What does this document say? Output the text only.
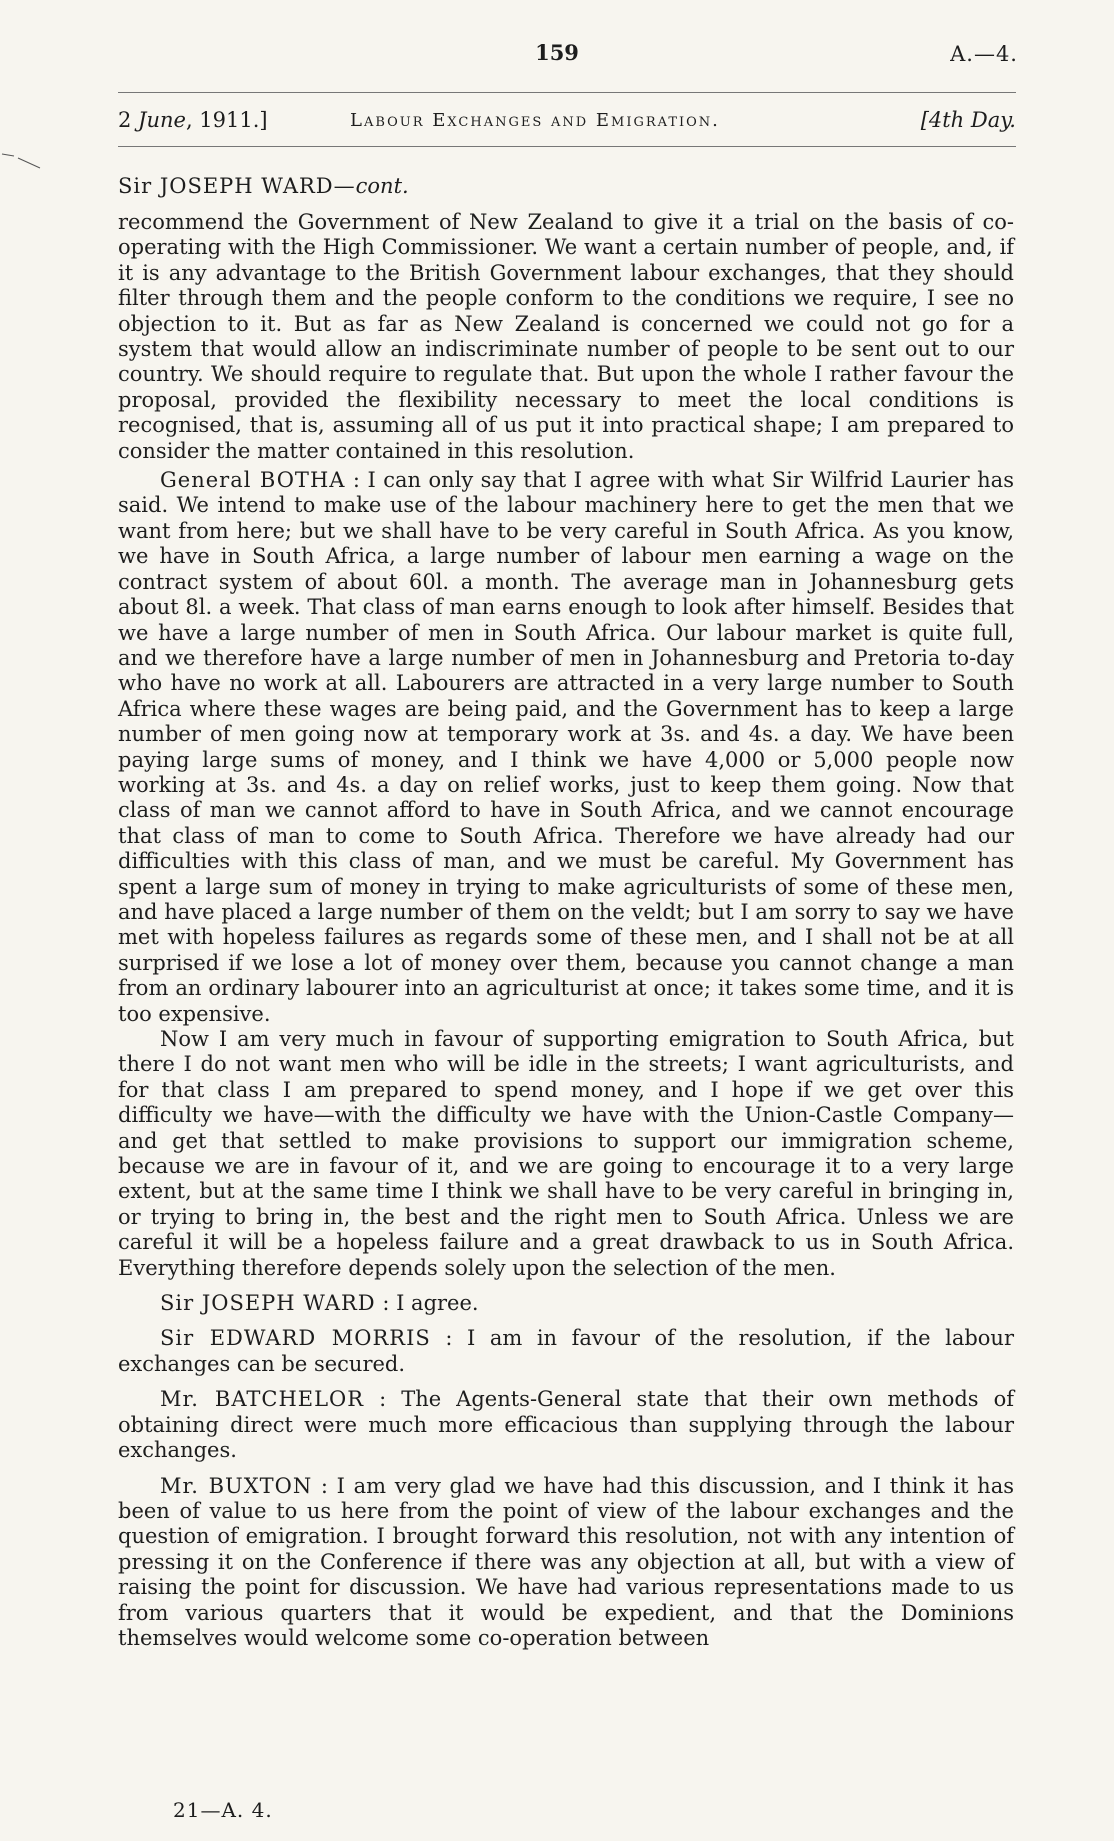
159	A.—4.
2 June, 1911.]	Labour Exchanges and Emigration.	[4th Day.
Sir JOSEPH WARD—cont.

recommend the Government of New Zealand to give it a trial on the basis of co-operating with the High Commissioner. We want a certain number of people, and, if it is any advantage to the British Government labour exchanges, that they should filter through them and the people conform to the conditions we require, I see no objection to it. But as far as New Zealand is concerned we could not go for a system that would allow an indiscriminate number of people to be sent out to our country. We should require to regulate that. But upon the whole I rather favour the proposal, provided the flexibility necessary to meet the local conditions is recognised, that is, assuming all of us put it into practical shape; I am prepared to consider the matter contained in this resolution.

General BOTHA : I can only say that I agree with what Sir Wilfrid Laurier has said. We intend to make use of the labour machinery here to get the men that we want from here; but we shall have to be very careful in South Africa. As you know, we have in South Africa, a large number of labour men earning a wage on the contract system of about 60l. a month. The average man in Johannesburg gets about 8l. a week. That class of man earns enough to look after himself. Besides that we have a large number of men in South Africa. Our labour market is quite full, and we therefore have a large number of men in Johannesburg and Pretoria to-day who have no work at all. Labourers are attracted in a very large number to South Africa where these wages are being paid, and the Government has to keep a large number of men going now at temporary work at 3s. and 4s. a day. We have been paying large sums of money, and I think we have 4,000 or 5,000 people now working at 3s. and 4s. a day on relief works, just to keep them going. Now that class of man we cannot afford to have in South Africa, and we cannot encourage that class of man to come to South Africa. Therefore we have already had our difficulties with this class of man, and we must be careful. My Government has spent a large sum of money in trying to make agriculturists of some of these men, and have placed a large number of them on the veldt; but I am sorry to say we have met with hopeless failures as regards some of these men, and I shall not be at all surprised if we lose a lot of money over them, because you cannot change a man from an ordinary labourer into an agriculturist at once; it takes some time, and it is too expensive.

Now I am very much in favour of supporting emigration to South Africa, but there I do not want men who will be idle in the streets; I want agriculturists, and for that class I am prepared to spend money, and I hope if we get over this difficulty we have—with the difficulty we have with the Union-Castle Company—and get that settled to make provisions to support our immigration scheme, because we are in favour of it, and we are going to encourage it to a very large extent, but at the same time I think we shall have to be very careful in bringing in, or trying to bring in, the best and the right men to South Africa. Unless we are careful it will be a hopeless failure and a great drawback to us in South Africa. Everything therefore depends solely upon the selection of the men.

Sir JOSEPH WARD : I agree.

Sir EDWARD MORRIS : I am in favour of the resolution, if the labour exchanges can be secured.

Mr. BATCHELOR : The Agents-General state that their own methods of obtaining direct were much more efficacious than supplying through the labour exchanges.

Mr. BUXTON : I am very glad we have had this discussion, and I think it has been of value to us here from the point of view of the labour exchanges and the question of emigration. I brought forward this resolution, not with any intention of pressing it on the Conference if there was any objection at all, but with a view of raising the point for discussion. We have had various representations made to us from various quarters that it would be expedient, and that the Dominions themselves would welcome some co-operation between

21—A. 4.
